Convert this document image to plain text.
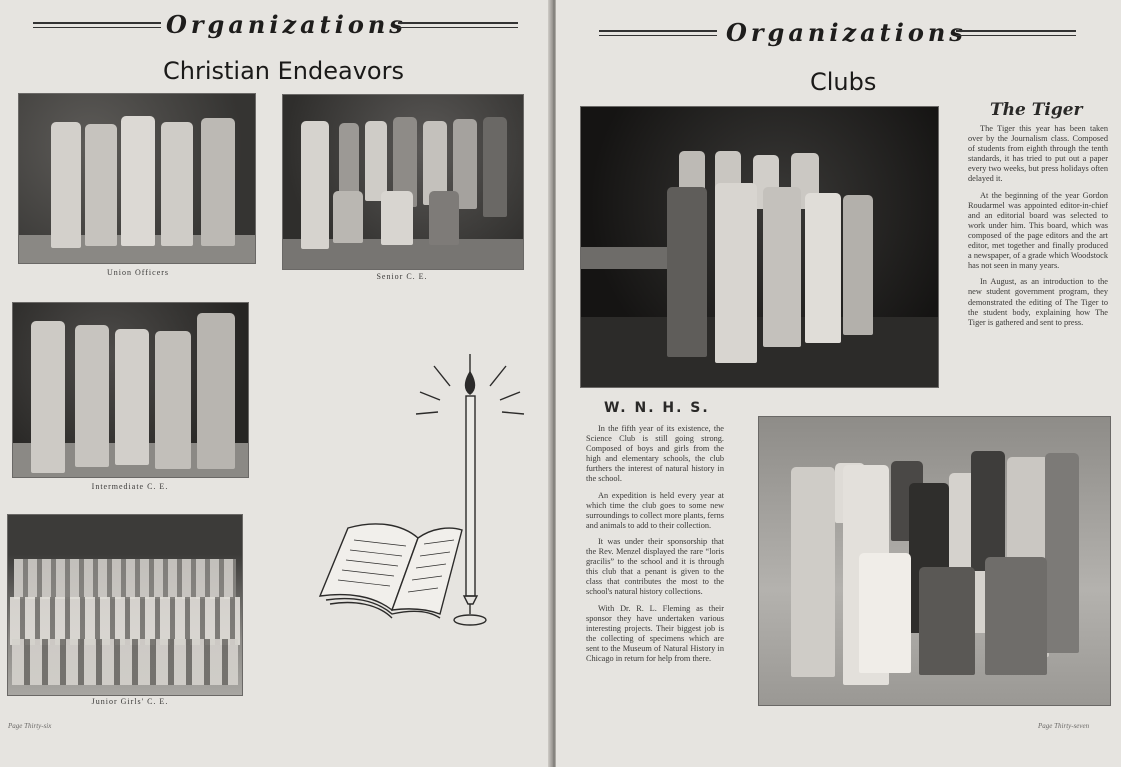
Organizations
Christian Endeavors
Union Officers	Senior C. E.
Intermediate C. E.
Junior Girls' C. E.
Page Thirty-six
Organizations
Clubs
The Tiger

The Tiger this year has been taken over by the Journalism class. Composed of students from eighth through the tenth standards, it has tried to put out a paper every two weeks, but press holidays often delayed it.

At the beginning of the year Gordon Roudarmel was appointed editor-in-chief and an editorial board was selected to work under him. This board, which was composed of the page editors and the art editor, met together and finally produced a newspaper, of a grade which Woodstock has not seen in many years.

In August, as an introduction to the new student government program, they demonstrated the editing of The Tiger to the student body, explaining how The Tiger is gathered and sent to press.

W. N. H. S.

In the fifth year of its existence, the Science Club is still going strong. Composed of boys and girls from the high and elementary schools, the club furthers the interest of natural history in the school.

An expedition is held every year at which time the club goes to some new surroundings to collect more plants, ferns and animals to add to their collection.

It was under their sponsorship that the Rev. Menzel displayed the rare “loris gracilis” to the school and it is through this club that a penant is given to the class that contributes the most to the school's natural history collections.

With Dr. R. L. Fleming as their sponsor they have undertaken various interesting projects. Their biggest job is the collecting of specimens which are sent to the Museum of Natural History in Chicago in return for help from there.

Page Thirty-seven
